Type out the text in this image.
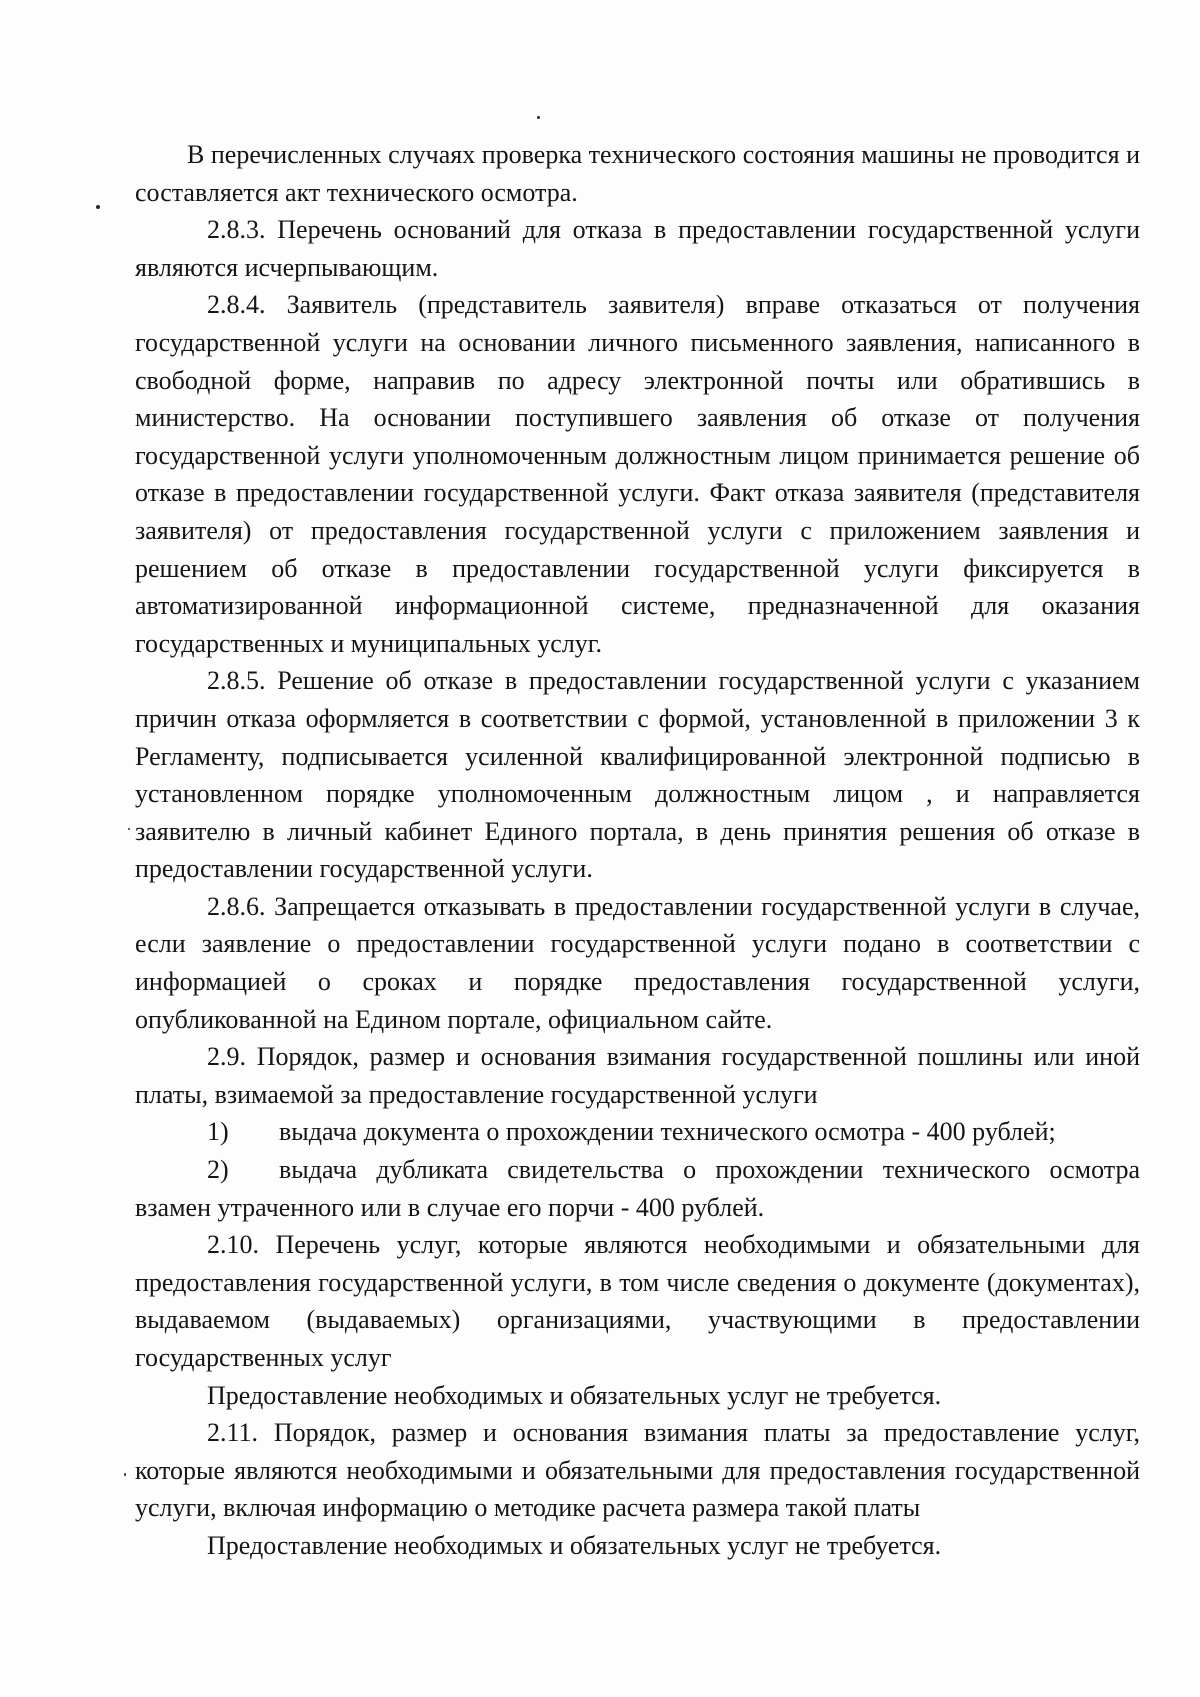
В перечисленных случаях проверка технического состояния машины не проводится и составляется акт технического осмотра.

2.8.3. Перечень оснований для отказа в предоставлении государственной услуги являются исчерпывающим.

2.8.4. Заявитель (представитель заявителя) вправе отказаться от получения государственной услуги на основании личного письменного заявления, написанного в свободной форме, направив по адресу электронной почты или обратившись в министерство. На основании поступившего заявления об отказе от получения государственной услуги уполномоченным должностным лицом принимается решение об отказе в предоставлении государственной услуги. Факт отказа заявителя (представителя заявителя) от предоставления государственной услуги с приложением заявления и решением об отказе в предоставлении государственной услуги фиксируется в автоматизированной информационной системе, предназначенной для оказания государственных и муниципальных услуг.

2.8.5. Решение об отказе в предоставлении государственной услуги с указанием причин отказа оформляется в соответствии с формой, установленной в приложении 3 к Регламенту, подписывается усиленной квалифицированной электронной подписью в установленном порядке уполномоченным должностным лицом , и направляется заявителю в личный кабинет Единого портала, в день принятия решения об отказе в предоставлении государственной услуги.

2.8.6. Запрещается отказывать в предоставлении государственной услуги в случае, если заявление о предоставлении государственной услуги подано в соответствии с информацией о сроках и порядке предоставления государственной услуги, опубликованной на Едином портале, официальном сайте.

2.9. Порядок, размер и основания взимания государственной пошлины или иной платы, взимаемой за предоставление государственной услуги

1) выдача документа о прохождении технического осмотра - 400 рублей;

2) выдача дубликата свидетельства о прохождении технического осмотра взамен утраченного или в случае его порчи - 400 рублей.

2.10. Перечень услуг, которые являются необходимыми и обязательными для предоставления государственной услуги, в том числе сведения о документе (документах), выдаваемом (выдаваемых) организациями, участвующими в предоставлении государственных услуг

Предоставление необходимых и обязательных услуг не требуется.

2.11. Порядок, размер и основания взимания платы за предоставление услуг, которые являются необходимыми и обязательными для предоставления государственной услуги, включая информацию о методике расчета размера такой платы

Предоставление необходимых и обязательных услуг не требуется.
